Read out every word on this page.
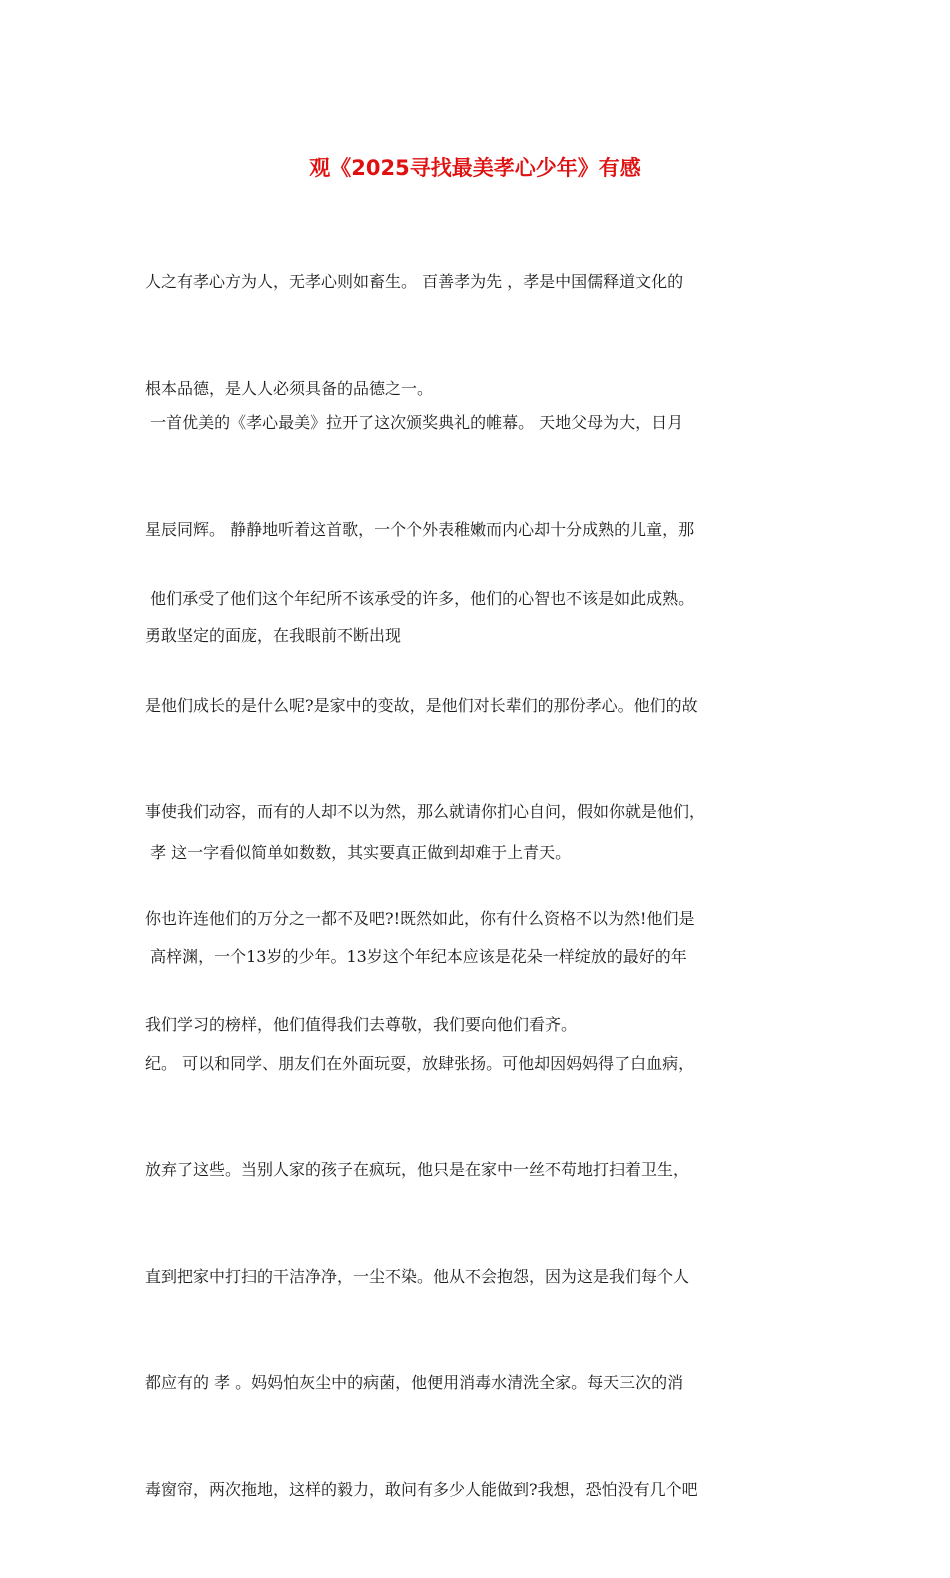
观《2025寻找最美孝心少年》有感

人之有孝心方为人，无孝心则如畜生。 百善孝为先 ，孝是中国儒释道文化的

根本品德，是人人必须具备的品德之一。

一首优美的《孝心最美》拉开了这次颁奖典礼的帷幕。 天地父母为大，日月

星辰同辉。 静静地听着这首歌，一个个外表稚嫩而内心却十分成熟的儿童，那

勇敢坚定的面庞，在我眼前不断出现

他们承受了他们这个年纪所不该承受的许多，他们的心智也不该是如此成熟。

是他们成长的是什么呢?是家中的变故，是他们对长辈们的那份孝心。他们的故

事使我们动容，而有的人却不以为然，那么就请你扪心自问，假如你就是他们，

你也许连他们的万分之一都不及吧?!既然如此，你有什么资格不以为然!他们是

我们学习的榜样，他们值得我们去尊敬，我们要向他们看齐。

孝 这一字看似简单如数数，其实要真正做到却难于上青天。

高梓渊，一个13岁的少年。13岁这个年纪本应该是花朵一样绽放的最好的年

纪。 可以和同学、朋友们在外面玩耍，放肆张扬。可他却因妈妈得了白血病，

放弃了这些。当别人家的孩子在疯玩，他只是在家中一丝不苟地打扫着卫生，

直到把家中打扫的干洁净净，一尘不染。他从不会抱怨，因为这是我们每个人

都应有的 孝 。妈妈怕灰尘中的病菌，他便用消毒水清洗全家。每天三次的消

毒窗帘，两次拖地，这样的毅力，敢问有多少人能做到?我想，恐怕没有几个吧
